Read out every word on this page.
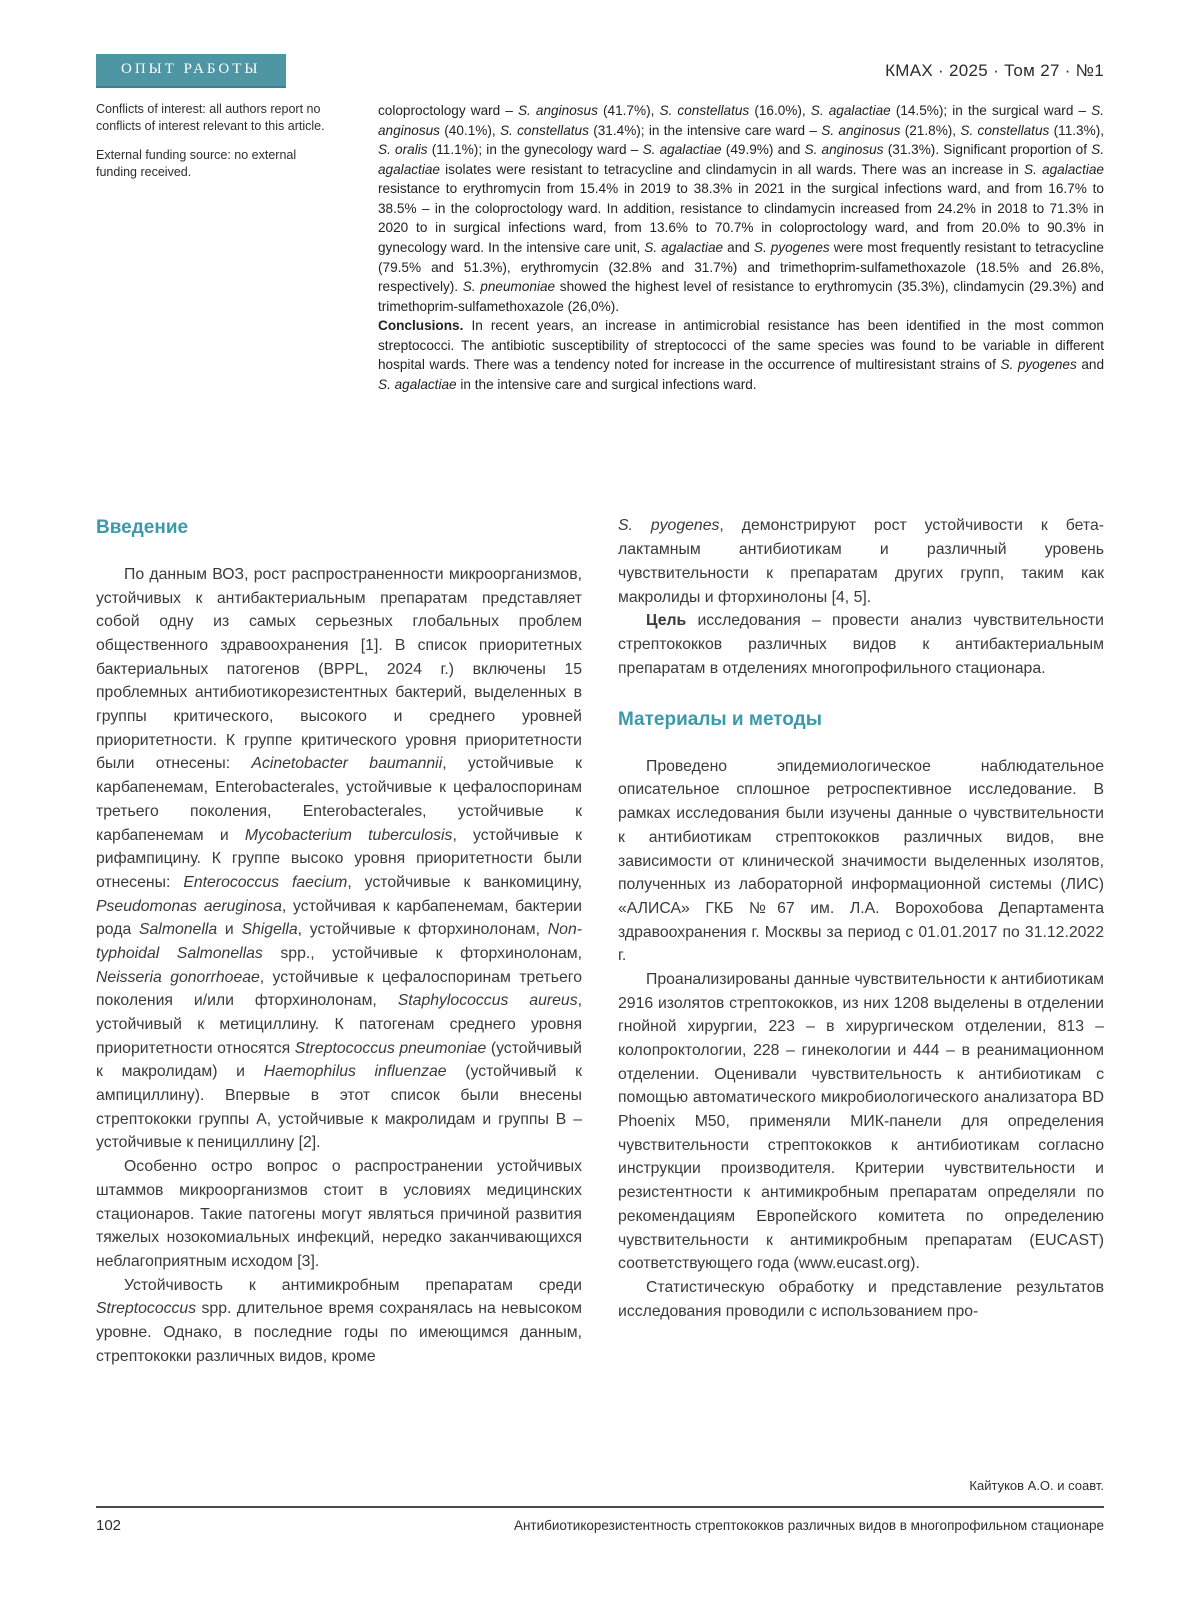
ОПЫТ РАБОТЫ	КМАХ · 2025 · Том 27 · №1

Conflicts of interest: all authors report no conflicts of interest relevant to this article.

External funding source: no external funding received.

coloproctology ward – S. anginosus (41.7%), S. constellatus (16.0%), S. agalactiae (14.5%); in the surgical ward – S. anginosus (40.1%), S. constellatus (31.4%); in the intensive care ward – S. anginosus (21.8%), S. constellatus (11.3%), S. oralis (11.1%); in the gynecology ward – S. agalactiae (49.9%) and S. anginosus (31.3%). Significant proportion of S. agalactiae isolates were resistant to tetracycline and clindamycin in all wards. There was an increase in S. agalactiae resistance to erythromycin from 15.4% in 2019 to 38.3% in 2021 in the surgical infections ward, and from 16.7% to 38.5% – in the coloproctology ward. In addition, resistance to clindamycin increased from 24.2% in 2018 to 71.3% in 2020 to in surgical infections ward, from 13.6% to 70.7% in coloproctology ward, and from 20.0% to 90.3% in gynecology ward. In the intensive care unit, S. agalactiae and S. pyogenes were most frequently resistant to tetracycline (79.5% and 51.3%), erythromycin (32.8% and 31.7%) and trimethoprim-sulfamethoxazole (18.5% and 26.8%, respectively). S. pneumoniae showed the highest level of resistance to erythromycin (35.3%), clindamycin (29.3%) and trimethoprim-sulfamethoxazole (26,0%).

Conclusions. In recent years, an increase in antimicrobial resistance has been identified in the most common streptococci. The antibiotic susceptibility of streptococci of the same species was found to be variable in different hospital wards. There was a tendency noted for increase in the occurrence of multiresistant strains of S. pyogenes and S. agalactiae in the intensive care and surgical infections ward.

Введение

По данным ВОЗ, рост распространенности микроорганизмов, устойчивых к антибактериальным препаратам представляет собой одну из самых серьезных глобальных проблем общественного здравоохранения [1]. В список приоритетных бактериальных патогенов (BPPL, 2024 г.) включены 15 проблемных антибиотикорезистентных бактерий, выделенных в группы критического, высокого и среднего уровней приоритетности. К группе критического уровня приоритетности были отнесены: Acinetobacter baumannii, устойчивые к карбапенемам, Enterobacterales, устойчивые к цефалоспоринам третьего поколения, Enterobacterales, устойчивые к карбапенемам и Mycobacterium tuberculosis, устойчивые к рифампицину. К группе высоко уровня приоритетности были отнесены: Enterococcus faecium, устойчивые к ванкомицину, Pseudomonas aeruginosa, устойчивая к карбапенемам, бактерии рода Salmonella и Shigella, устойчивые к фторхинолонам, Non-typhoidal Salmonellas spp., устойчивые к фторхинолонам, Neisseria gonorrhoeae, устойчивые к цефалоспоринам третьего поколения и/или фторхинолонам, Staphylococcus aureus, устойчивый к метициллину. К патогенам среднего уровня приоритетности относятся Streptococcus pneumoniae (устойчивый к макролидам) и Haemophilus influenzae (устойчивый к ампициллину). Впервые в этот список были внесены стрептококки группы А, устойчивые к макролидам и группы В – устойчивые к пенициллину [2].

Особенно остро вопрос о распространении устойчивых штаммов микроорганизмов стоит в условиях медицинских стационаров. Такие патогены могут являться причиной развития тяжелых нозокомиальных инфекций, нередко заканчивающихся неблагоприятным исходом [3].

Устойчивость к антимикробным препаратам среди Streptococcus spp. длительное время сохранялась на невысоком уровне. Однако, в последние годы по имеющимся данным, стрептококки различных видов, кроме

S. pyogenes, демонстрируют рост устойчивости к бета-лактамным антибиотикам и различный уровень чувствительности к препаратам других групп, таким как макролиды и фторхинолоны [4, 5].

Цель исследования – провести анализ чувствительности стрептококков различных видов к антибактериальным препаратам в отделениях многопрофильного стационара.

Материалы и методы

Проведено эпидемиологическое наблюдательное описательное сплошное ретроспективное исследование. В рамках исследования были изучены данные о чувствительности к антибиотикам стрептококков различных видов, вне зависимости от клинической значимости выделенных изолятов, полученных из лабораторной информационной системы (ЛИС) «АЛИСА» ГКБ №67 им. Л.А. Ворохобова Департамента здравоохранения г. Москвы за период с 01.01.2017 по 31.12.2022 г.

Проанализированы данные чувствительности к антибиотикам 2916 изолятов стрептококков, из них 1208 выделены в отделении гнойной хирургии, 223 – в хирургическом отделении, 813 – колопроктологии, 228 – гинекологии и 444 – в реанимационном отделении. Оценивали чувствительность к антибиотикам с помощью автоматического микробиологического анализатора BD Phoenix M50, применяли МИК-панели для определения чувствительности стрептококков к антибиотикам согласно инструкции производителя. Критерии чувствительности и резистентности к антимикробным препаратам определяли по рекомендациям Европейского комитета по определению чувствительности к антимикробным препаратам (EUCAST) соответствующего года (www.eucast.org).

Статистическую обработку и представление результатов исследования проводили с использованием про-

Кайтуков А.О. и соавт.
102	Антибиотикорезистентность стрептококков различных видов в многопрофильном стационаре
